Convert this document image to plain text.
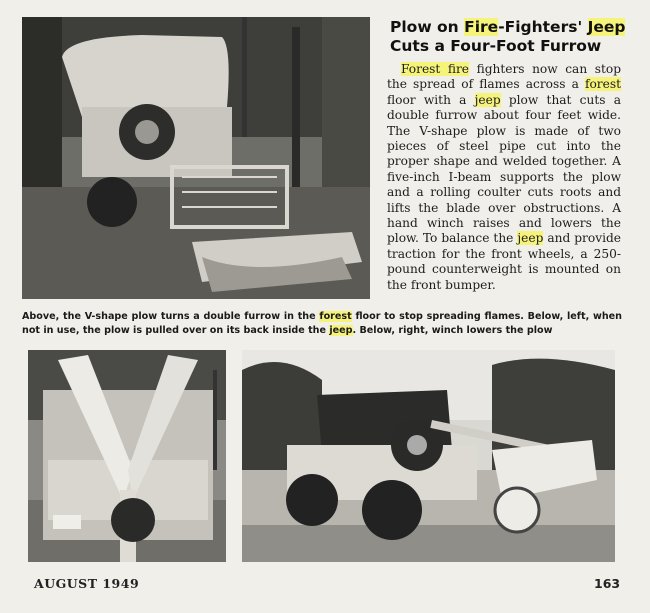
Plow on Fire-Fighters' Jeep Cuts a Four-Foot Furrow

Forest fire fighters now can stop the spread of flames across a forest floor with a jeep plow that cuts a double furrow about four feet wide. The V-shape plow is made of two pieces of steel pipe cut into the proper shape and welded together. A five-inch I-beam supports the plow and a rolling coulter cuts roots and lifts the blade over obstructions. A hand winch raises and lowers the plow. To balance the jeep and provide traction for the front wheels, a 250-pound counterweight is mounted on the front bumper.

Above, the V-shape plow turns a double furrow in the forest floor to stop spreading flames. Below, left, when not in use, the plow is pulled over on its back inside the jeep. Below, right, winch lowers the plow

AUGUST 1949	163
